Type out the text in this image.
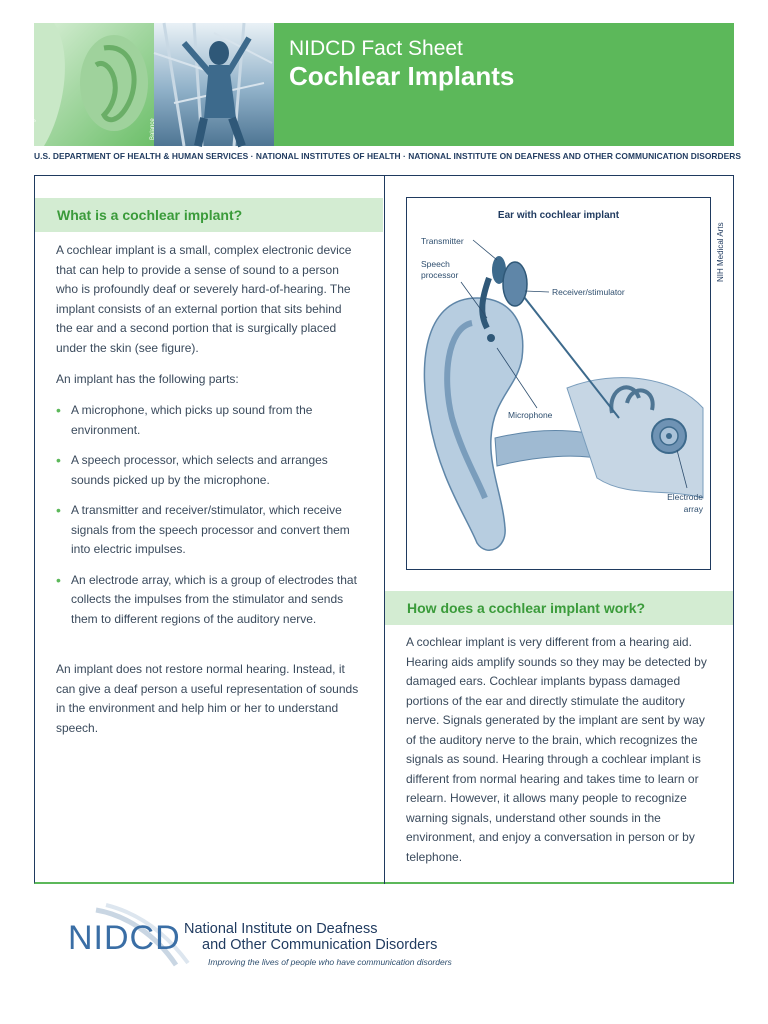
Hearing	Balance
NIDCD Fact Sheet
Cochlear Implants
U.S. DEPARTMENT OF HEALTH & HUMAN SERVICES · NATIONAL INSTITUTES OF HEALTH · NATIONAL INSTITUTE ON DEAFNESS AND OTHER COMMUNICATION DISORDERS
What is a cochlear implant?
A cochlear implant is a small, complex electronic device that can help to provide a sense of sound to a person who is profoundly deaf or severely hard-of-hearing. The implant consists of an external portion that sits behind the ear and a second portion that is surgically placed under the skin (see figure).
An implant has the following parts:
• A microphone, which picks up sound from the environment.
• A speech processor, which selects and arranges sounds picked up by the microphone.
• A transmitter and receiver/stimulator, which receive signals from the speech processor and convert them into electric impulses.
• An electrode array, which is a group of electrodes that collects the impulses from the stimulator and sends them to different regions of the auditory nerve.
An implant does not restore normal hearing. Instead, it can give a deaf person a useful representation of sounds in the environment and help him or her to understand speech.
Ear with cochlear implant
Transmitter
Speech
processor
Receiver/stimulator
Microphone
Electrode
array
NIH Medical Arts
How does a cochlear implant work?
A cochlear implant is very different from a hearing aid. Hearing aids amplify sounds so they may be detected by damaged ears. Cochlear implants bypass damaged portions of the ear and directly stimulate the auditory nerve. Signals generated by the implant are sent by way of the auditory nerve to the brain, which recognizes the signals as sound. Hearing through a cochlear implant is different from normal hearing and takes time to learn or relearn. However, it allows many people to recognize warning signals, understand other sounds in the environment, and enjoy a conversation in person or by telephone.
NIDCD National Institute on Deafness
and Other Communication Disorders
Improving the lives of people who have communication disorders
